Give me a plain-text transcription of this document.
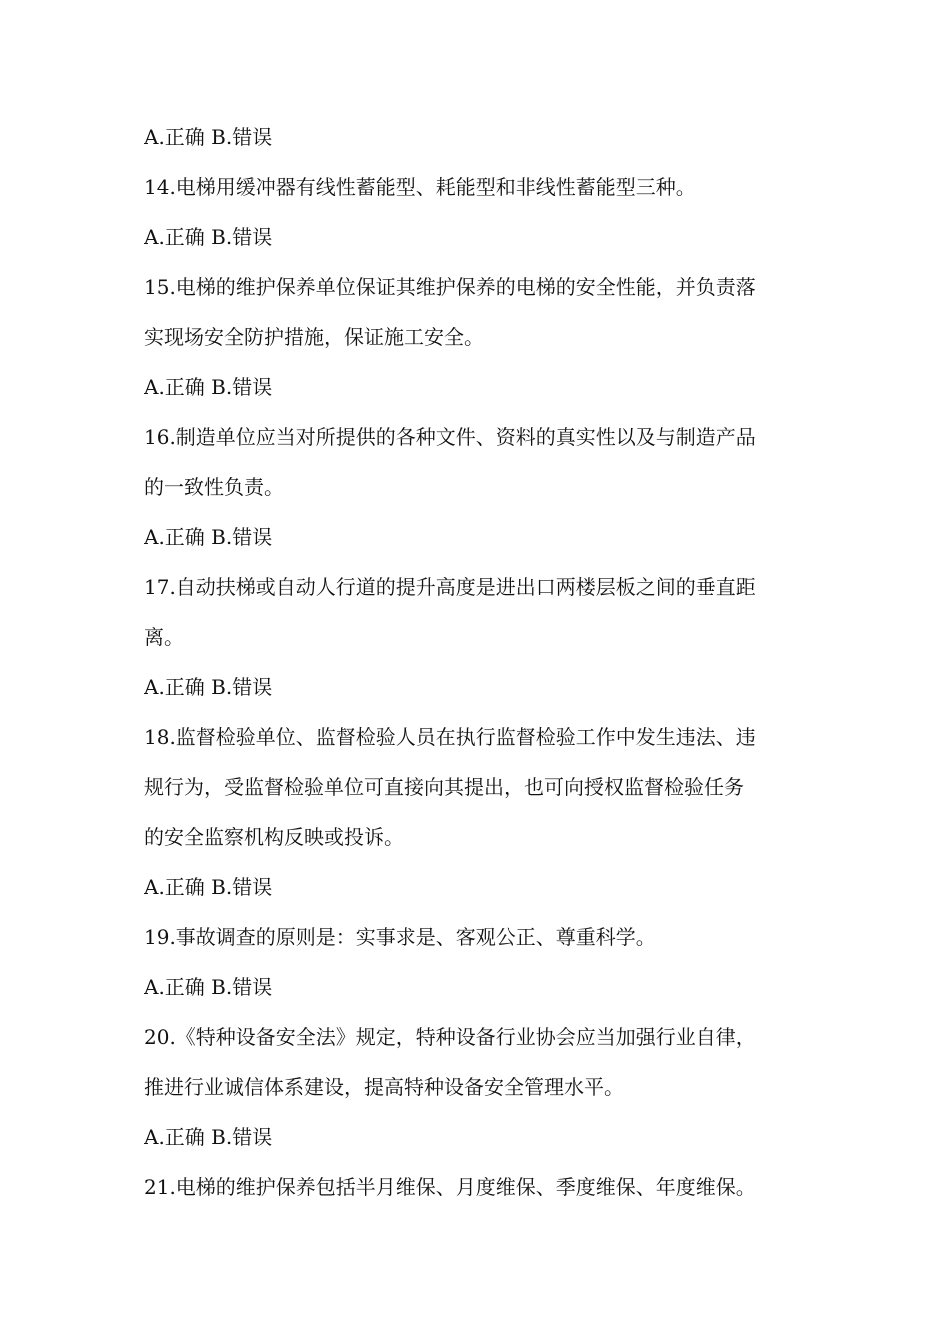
A.正确 B.错误
14.电梯用缓冲器有线性蓄能型、耗能型和非线性蓄能型三种。
A.正确 B.错误
15.电梯的维护保养单位保证其维护保养的电梯的安全性能，并负责落
实现场安全防护措施，保证施工安全。
A.正确 B.错误
16.制造单位应当对所提供的各种文件、资料的真实性以及与制造产品
的一致性负责。
A.正确 B.错误
17.自动扶梯或自动人行道的提升高度是进出口两楼层板之间的垂直距
离。
A.正确 B.错误
18.监督检验单位、监督检验人员在执行监督检验工作中发生违法、违
规行为，受监督检验单位可直接向其提出，也可向授权监督检验任务
的安全监察机构反映或投诉。
A.正确 B.错误
19.事故调查的原则是：实事求是、客观公正、尊重科学。
A.正确 B.错误
20.《特种设备安全法》规定，特种设备行业协会应当加强行业自律，
推进行业诚信体系建设，提高特种设备安全管理水平。
A.正确 B.错误
21.电梯的维护保养包括半月维保、月度维保、季度维保、年度维保。
